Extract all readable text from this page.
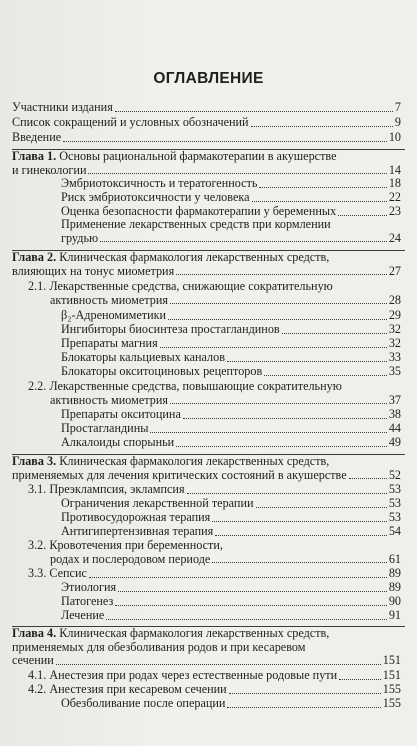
ОГЛАВЛЕНИЕ
Участники издания	7
Список сокращений и условных обозначений	9
Введение	10
Глава 1. Основы рациональной фармакотерапии в акушерстве
и гинекологии	14
Эмбриотоксичность и тератогенность	18
Риск эмбриотоксичности у человека	22
Оценка безопасности фармакотерапии у беременных	23
Применение лекарственных средств при кормлении
грудью	24
Глава 2. Клиническая фармакология лекарственных средств,
влияющих на тонус миометрия	27
2.1. Лекарственные средства, снижающие сократительную
активность миометрия	28
β₂-Адреномиметики	29
Ингибиторы биосинтеза простагландинов	32
Препараты магния	32
Блокаторы кальциевых каналов	33
Блокаторы окситоциновых рецепторов	35
2.2. Лекарственные средства, повышающие сократительную
активность миометрия	37
Препараты окситоцина	38
Простагландины	44
Алкалоиды спорыньи	49
Глава 3. Клиническая фармакология лекарственных средств,
применяемых для лечения критических состояний в акушерстве	52
3.1. Преэклампсия, эклампсия	53
Ограничения лекарственной терапии	53
Противосудорожная терапия	53
Антигипертензивная терапия	54
3.2. Кровотечения при беременности,
родах и послеродовом периоде	61
3.3. Сепсис	89
Этиология	89
Патогенез	90
Лечение	91
Глава 4. Клиническая фармакология лекарственных средств,
применяемых для обезболивания родов и при кесаревом
сечении	151
4.1. Анестезия при родах через естественные родовые пути	151
4.2. Анестезия при кесаревом сечении	155
Обезболивание после операции	155
